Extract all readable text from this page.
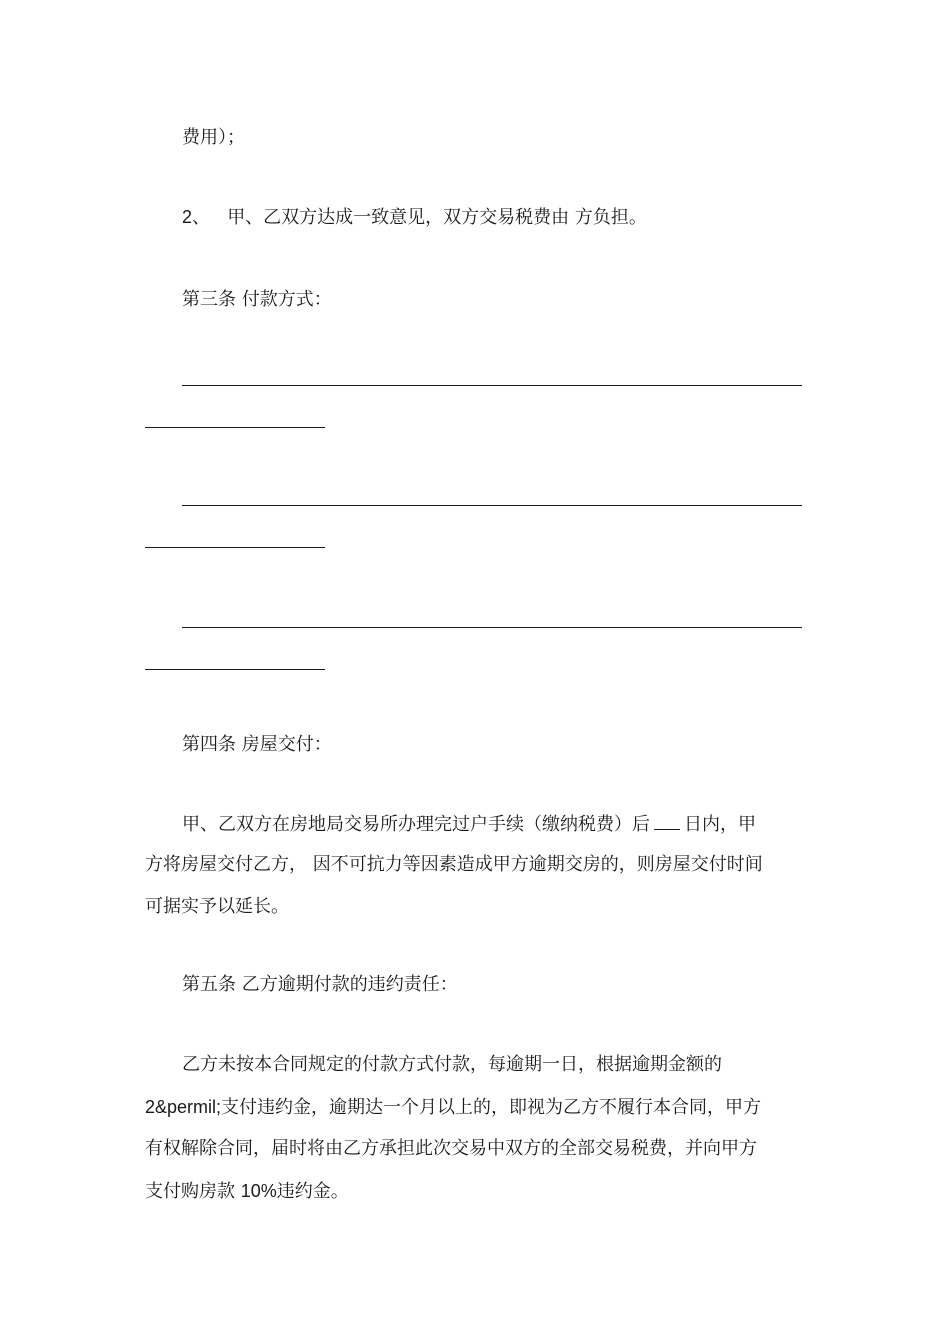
费用）；
2、 甲、乙双方达成一致意见，双方交易税费由 方负担。
第三条 付款方式：
第四条 房屋交付：
甲、乙双方在房地局交易所办理完过户手续（缴纳税费）后 日内，甲
方将房屋交付乙方， 因不可抗力等因素造成甲方逾期交房的，则房屋交付时间
可据实予以延长。
第五条 乙方逾期付款的违约责任：
乙方未按本合同规定的付款方式付款，每逾期一日，根据逾期金额的
2&permil;支付违约金，逾期达一个月以上的，即视为乙方不履行本合同，甲方
有权解除合同，届时将由乙方承担此次交易中双方的全部交易税费，并向甲方
支付购房款 10%违约金。
